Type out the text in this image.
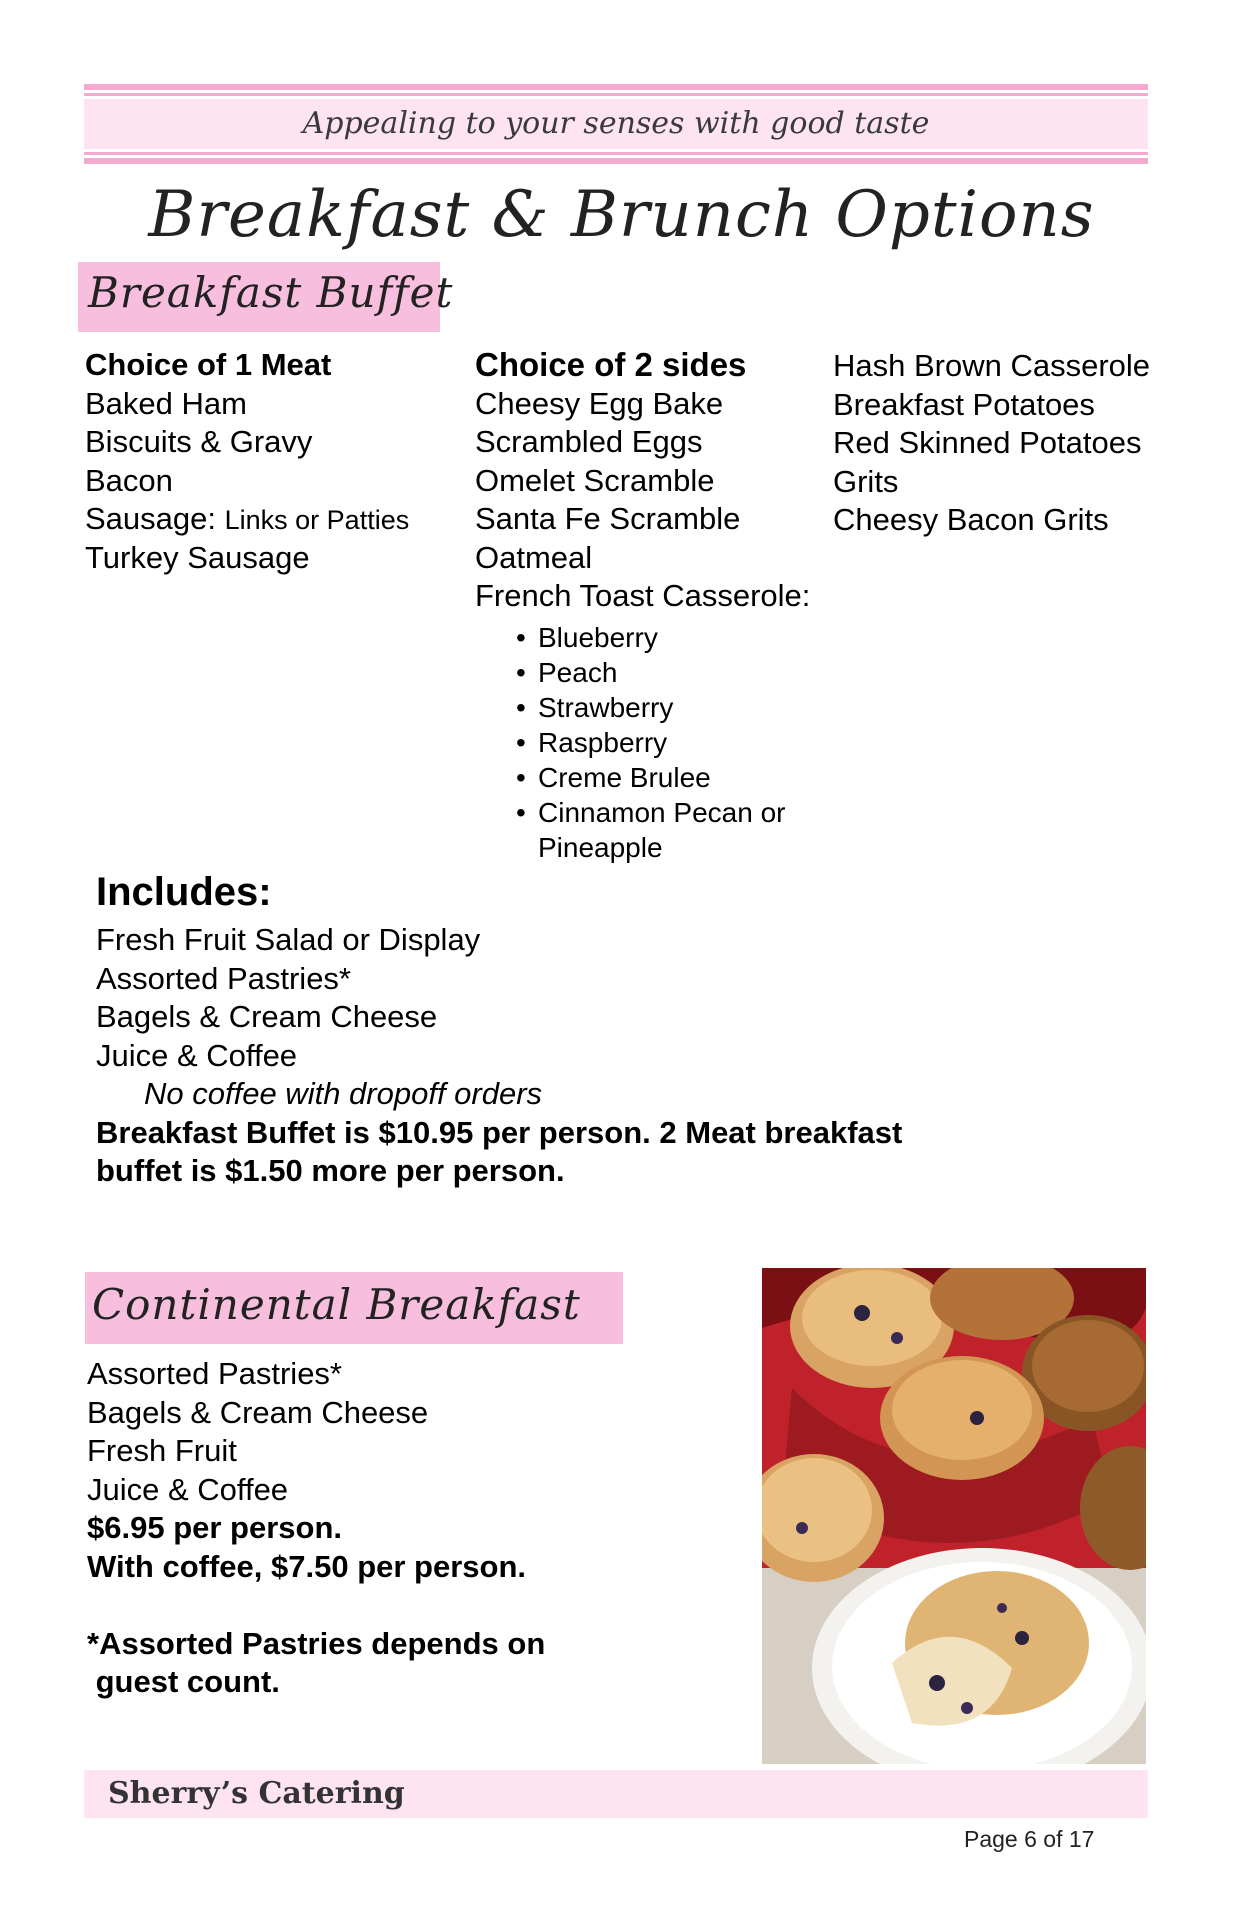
Appealing to your senses with good taste
Breakfast & Brunch Options
Breakfast Buffet
Choice of 1 Meat
Baked Ham
Biscuits & Gravy
Bacon
Sausage: Links or Patties
Turkey Sausage
Choice of 2 sides
Cheesy Egg Bake
Scrambled Eggs
Omelet Scramble
Santa Fe Scramble
Oatmeal
French Toast Casserole:
• Blueberry
• Peach
• Strawberry
• Raspberry
• Creme Brulee
• Cinnamon Pecan or
Pineapple
Hash Brown Casserole
Breakfast Potatoes
Red Skinned Potatoes
Grits
Cheesy Bacon Grits
Includes:
Fresh Fruit Salad or Display
Assorted Pastries*
Bagels & Cream Cheese
Juice & Coffee
No coffee with dropoff orders
Breakfast Buffet is $10.95 per person. 2 Meat breakfast
buffet is $1.50 more per person.
Continental Breakfast
Assorted Pastries*
Bagels & Cream Cheese
Fresh Fruit
Juice & Coffee
$6.95 per person.
With coffee, $7.50 per person.
*Assorted Pastries depends on
guest count.
Sherry’s Catering
Page 6 of 17
